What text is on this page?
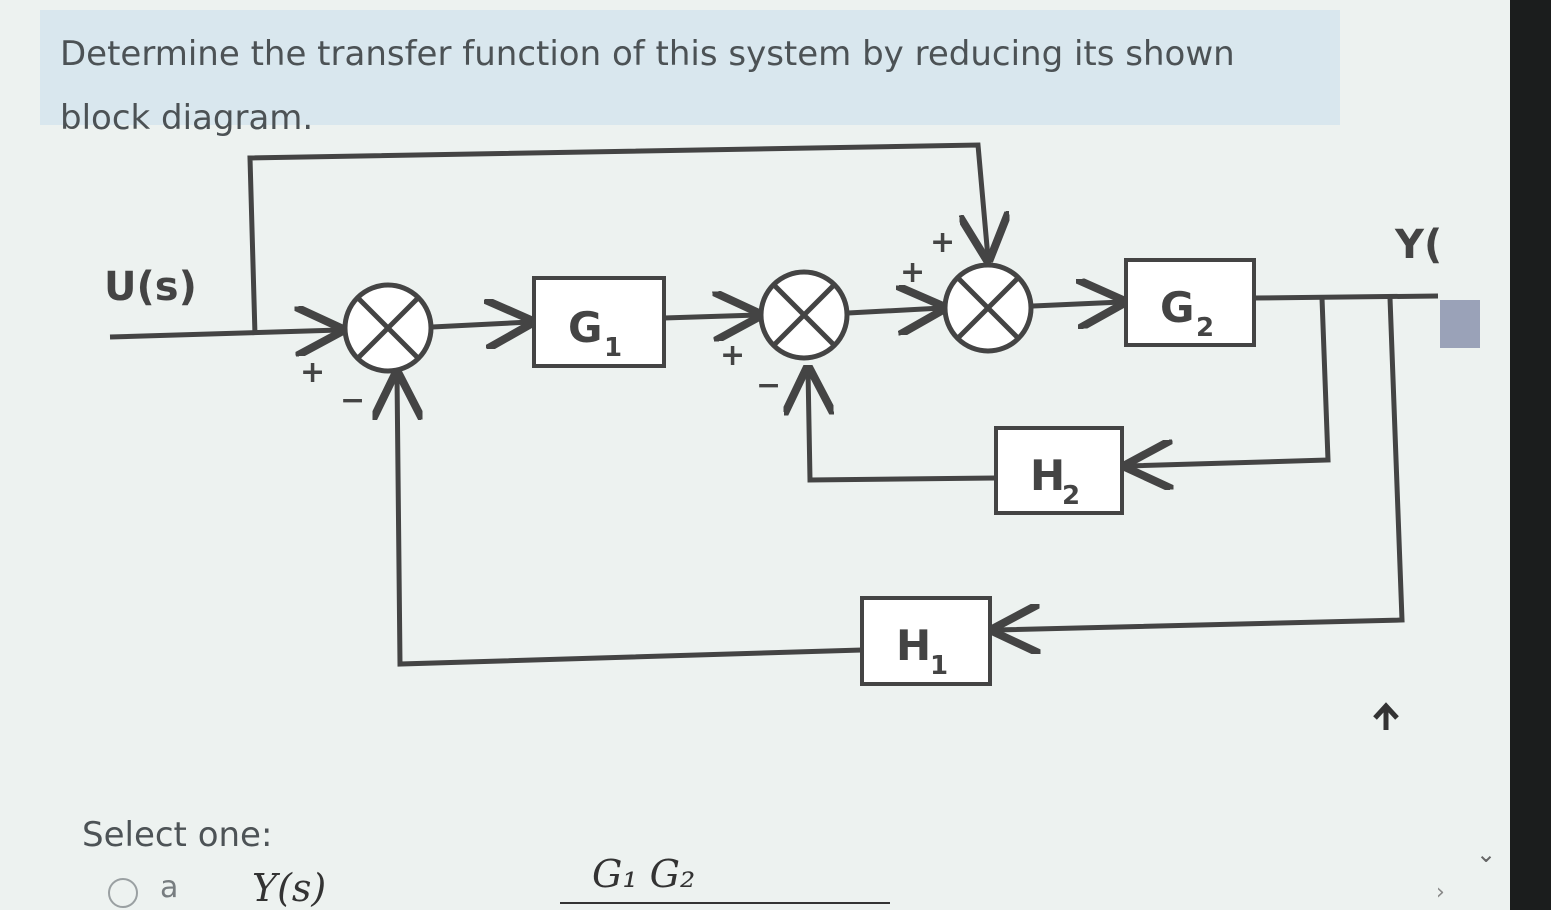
Determine the transfer function of this system by reducing its shown block diagram.
G 1
G 2
H
2
H
1
U(s)
Y(
+
−
+
−
+
+
Select one:
a Y(s)	G₁ G₂	⌄
›
